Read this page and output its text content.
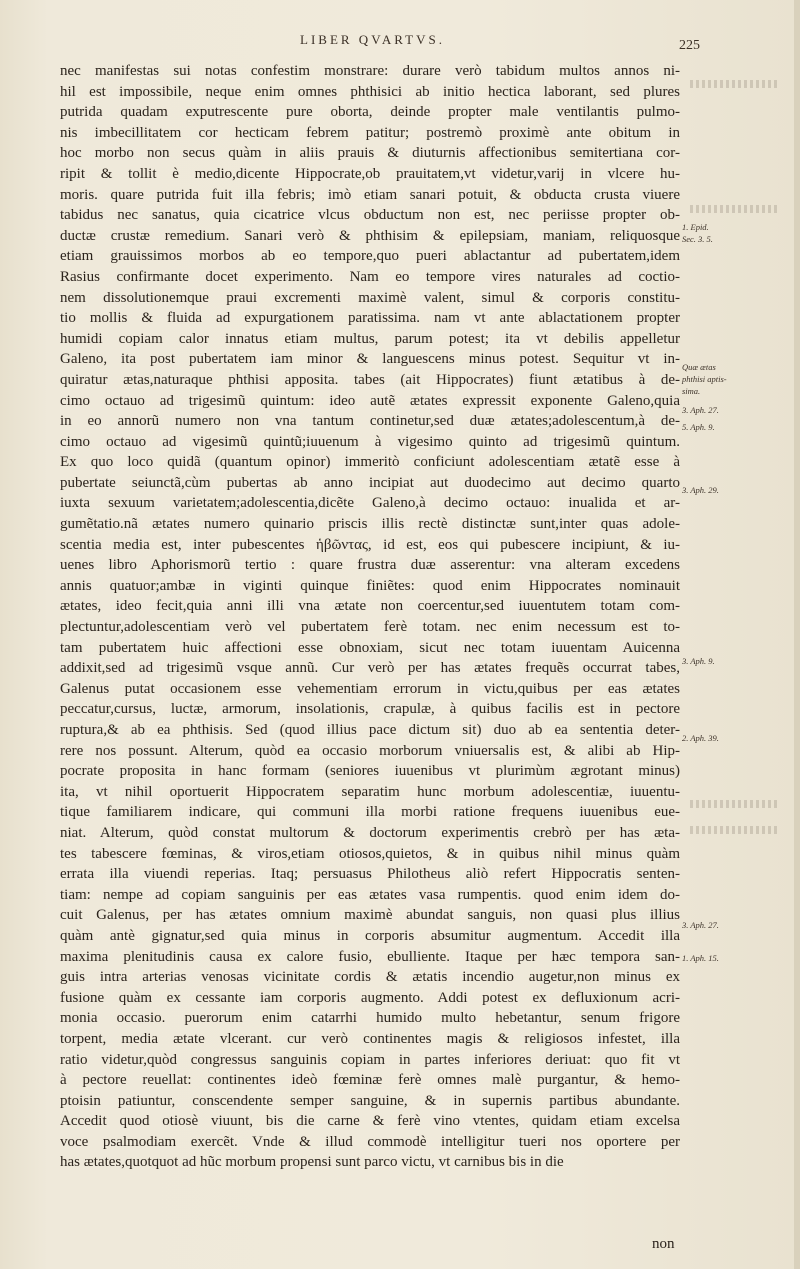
LIBER QVARTVS.	225
nec manifestas sui notas confestim monstrare: durare verò tabidum multos annos ni-
hil est impossibile, neque enim omnes phthisici ab initio hectica laborant, sed plures
putrida quadam exputrescente pure oborta, deinde propter male ventilantis pulmo-
nis imbecillitatem cor hecticam febrem patitur; postremò proximè ante obitum in
hoc morbo non secus quàm in aliis prauis & diuturnis affectionibus semitertiana cor-
ripit & tollit è medio,dicente Hippocrate,ob prauitatem,vt videtur,varij in vlcere hu-
moris. quare putrida fuit illa febris; imò etiam sanari potuit, & obducta crusta viuere
tabidus nec sanatus, quia cicatrice vlcus obductum non est, nec periisse propter ob-
ductæ crustæ remedium. Sanari verò & phthisim & epilepsiam, maniam, reliquosque
etiam grauissimos morbos ab eo tempore,quo pueri ablactantur ad pubertatem,idem
Rasius confirmante docet experimento. Nam eo tempore vires naturales ad coctio-
nem dissolutionemque praui excrementi maximè valent, simul & corporis constitu-
tio mollis & fluida ad expurgationem paratissima. nam vt ante ablactationem propter
humidi copiam calor innatus etiam multus, parum potest; ita vt debilis appelletur
Galeno, ita post pubertatem iam minor & languescens minus potest. Sequitur vt in-
quiratur ætas,naturaque phthisi apposita. tabes (ait Hippocrates) fiunt ætatibus à de-
cimo octauo ad trigesimũ quintum: ideo autẽ ætates expressit exponente Galeno,quia
in eo annorũ numero non vna tantum continetur,sed duæ ætates;adolescentum,à de-
cimo octauo ad vigesimũ quintũ;iuuenum à vigesimo quinto ad trigesimũ quintum.
Ex quo loco quidã (quantum opinor) immeritò conficiunt adolescentiam ætatẽ esse à
pubertate seiunctã,cùm pubertas ab anno incipiat aut duodecimo aut decimo quarto
iuxta sexuum varietatem;adolescentia,dicẽte Galeno,à decimo octauo: inualida et ar-
gumẽtatio.nã ætates numero quinario priscis illis rectè distinctæ sunt,inter quas adole-
scentia media est, inter pubescentes ἡβῶντας, id est, eos qui pubescere incipiunt, & iu-
uenes libro Aphorismorũ tertio : quare frustra duæ asserentur: vna alteram excedens
annis quatuor;ambæ in viginti quinque finiẽtes: quod enim Hippocrates nominauit
ætates, ideo fecit,quia anni illi vna ætate non coercentur,sed iuuentutem totam com-
plectuntur,adolescentiam verò vel pubertatem ferè totam. nec enim necessum est to-
tam pubertatem huic affectioni esse obnoxiam, sicut nec totam iuuentam Auicenna
addixit,sed ad trigesimũ vsque annũ. Cur verò per has ætates frequẽs occurrat tabes,
Galenus putat occasionem esse vehementiam errorum in victu,quibus per eas ætates
peccatur,cursus, luctæ, armorum, insolationis, crapulæ, à quibus facilis est in pectore
ruptura,& ab ea phthisis. Sed (quod illius pace dictum sit) duo ab ea sententia deter-
rere nos possunt. Alterum, quòd ea occasio morborum vniuersalis est, & alibi ab Hip-
pocrate proposita in hanc formam (seniores iuuenibus vt plurimùm ægrotant minus)
ita, vt nihil oportuerit Hippocratem separatim hunc morbum adolescentiæ, iuuentu-
tique familiarem indicare, qui communi illa morbi ratione frequens iuuenibus eue-
niat. Alterum, quòd constat multorum & doctorum experimentis crebrò per has æta-
tes tabescere fœminas, & viros,etiam otiosos,quietos, & in quibus nihil minus quàm
errata illa viuendi reperias. Itaq; persuasus Philotheus aliò refert Hippocratis senten-
tiam: nempe ad copiam sanguinis per eas ætates vasa rumpentis. quod enim idem do-
cuit Galenus, per has ætates omnium maximè abundat sanguis, non quasi plus illius
quàm antè gignatur,sed quia minus in corporis absumitur augmentum. Accedit illa
maxima plenitudinis causa ex calore fusio, ebulliente. Itaque per hæc tempora san-
guis intra arterias venosas vicinitate cordis & ætatis incendio augetur,non minus ex
fusione quàm ex cessante iam corporis augmento. Addi potest ex defluxionum acri-
monia occasio. puerorum enim catarrhi humido multo hebetantur, senum frigore
torpent, media ætate vlcerant. cur verò continentes magis & religiosos infestet, illa
ratio videtur,quòd congressus sanguinis copiam in partes inferiores deriuat: quo fit vt
à pectore reuellat: continentes ideò fœminæ ferè omnes malè purgantur, & hemo-
ptoisin patiuntur, conscendente semper sanguine, & in supernis partibus abundante.
Accedit quod otiosè viuunt, bis die carne & ferè vino vtentes, quidam etiam excelsa
voce psalmodiam exercẽt. Vnde & illud commodè intelligitur tueri nos oportere per
has ætates,quotquot ad hũc morbum propensi sunt parco victu, vt carnibus bis in die
1. Epid.
Sec. 3. 5.
Quæ ætas
phthisi aptis-
sima.
3. Aph. 27.
5. Aph. 9.
3. Aph. 29.
3. Aph. 9.
2. Aph. 39.
3. Aph. 27.
1. Aph. 15.
non
